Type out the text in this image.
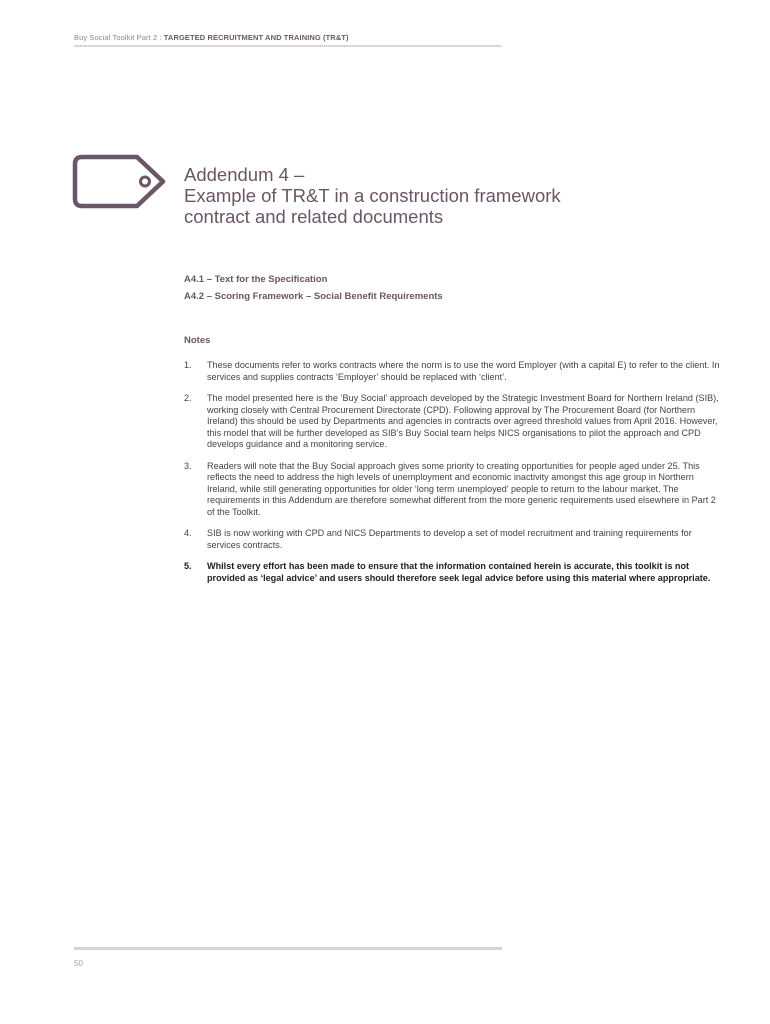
Buy Social Toolkit Part 2 : TARGETED RECRUITMENT AND TRAINING (TR&T)
Addendum 4 –
Example of TR&T in a construction framework
contract and related documents
A4.1 – Text for the Specification
A4.2 – Scoring Framework – Social Benefit Requirements
Notes
1.	These documents refer to works contracts where the norm is to use the word Employer (with a capital E) to refer to the client. In services and supplies contracts ‘Employer’ should be replaced with ‘client’.
2.	The model presented here is the ‘Buy Social’ approach developed by the Strategic Investment Board for Northern Ireland (SIB), working closely with Central Procurement Directorate (CPD). Following approval by The Procurement Board (for Northern Ireland) this should be used by Departments and agencies in contracts over agreed threshold values from April 2016. However, this model that will be further developed as SIB’s Buy Social team helps NICS organisations to pilot the approach and CPD develops guidance and a monitoring service.
3.	Readers will note that the Buy Social approach gives some priority to creating opportunities for people aged under 25. This reflects the need to address the high levels of unemployment and economic inactivity amongst this age group in Northern Ireland, while still generating opportunities for older ‘long term unemployed’ people to return to the labour market. The requirements in this Addendum are therefore somewhat different from the more generic requirements used elsewhere in Part 2 of the Toolkit.
4.	SIB is now working with CPD and NICS Departments to develop a set of model recruitment and training requirements for services contracts.
5.	Whilst every effort has been made to ensure that the information contained herein is accurate, this toolkit is not provided as ‘legal advice’ and users should therefore seek legal advice before using this material where appropriate.
50
